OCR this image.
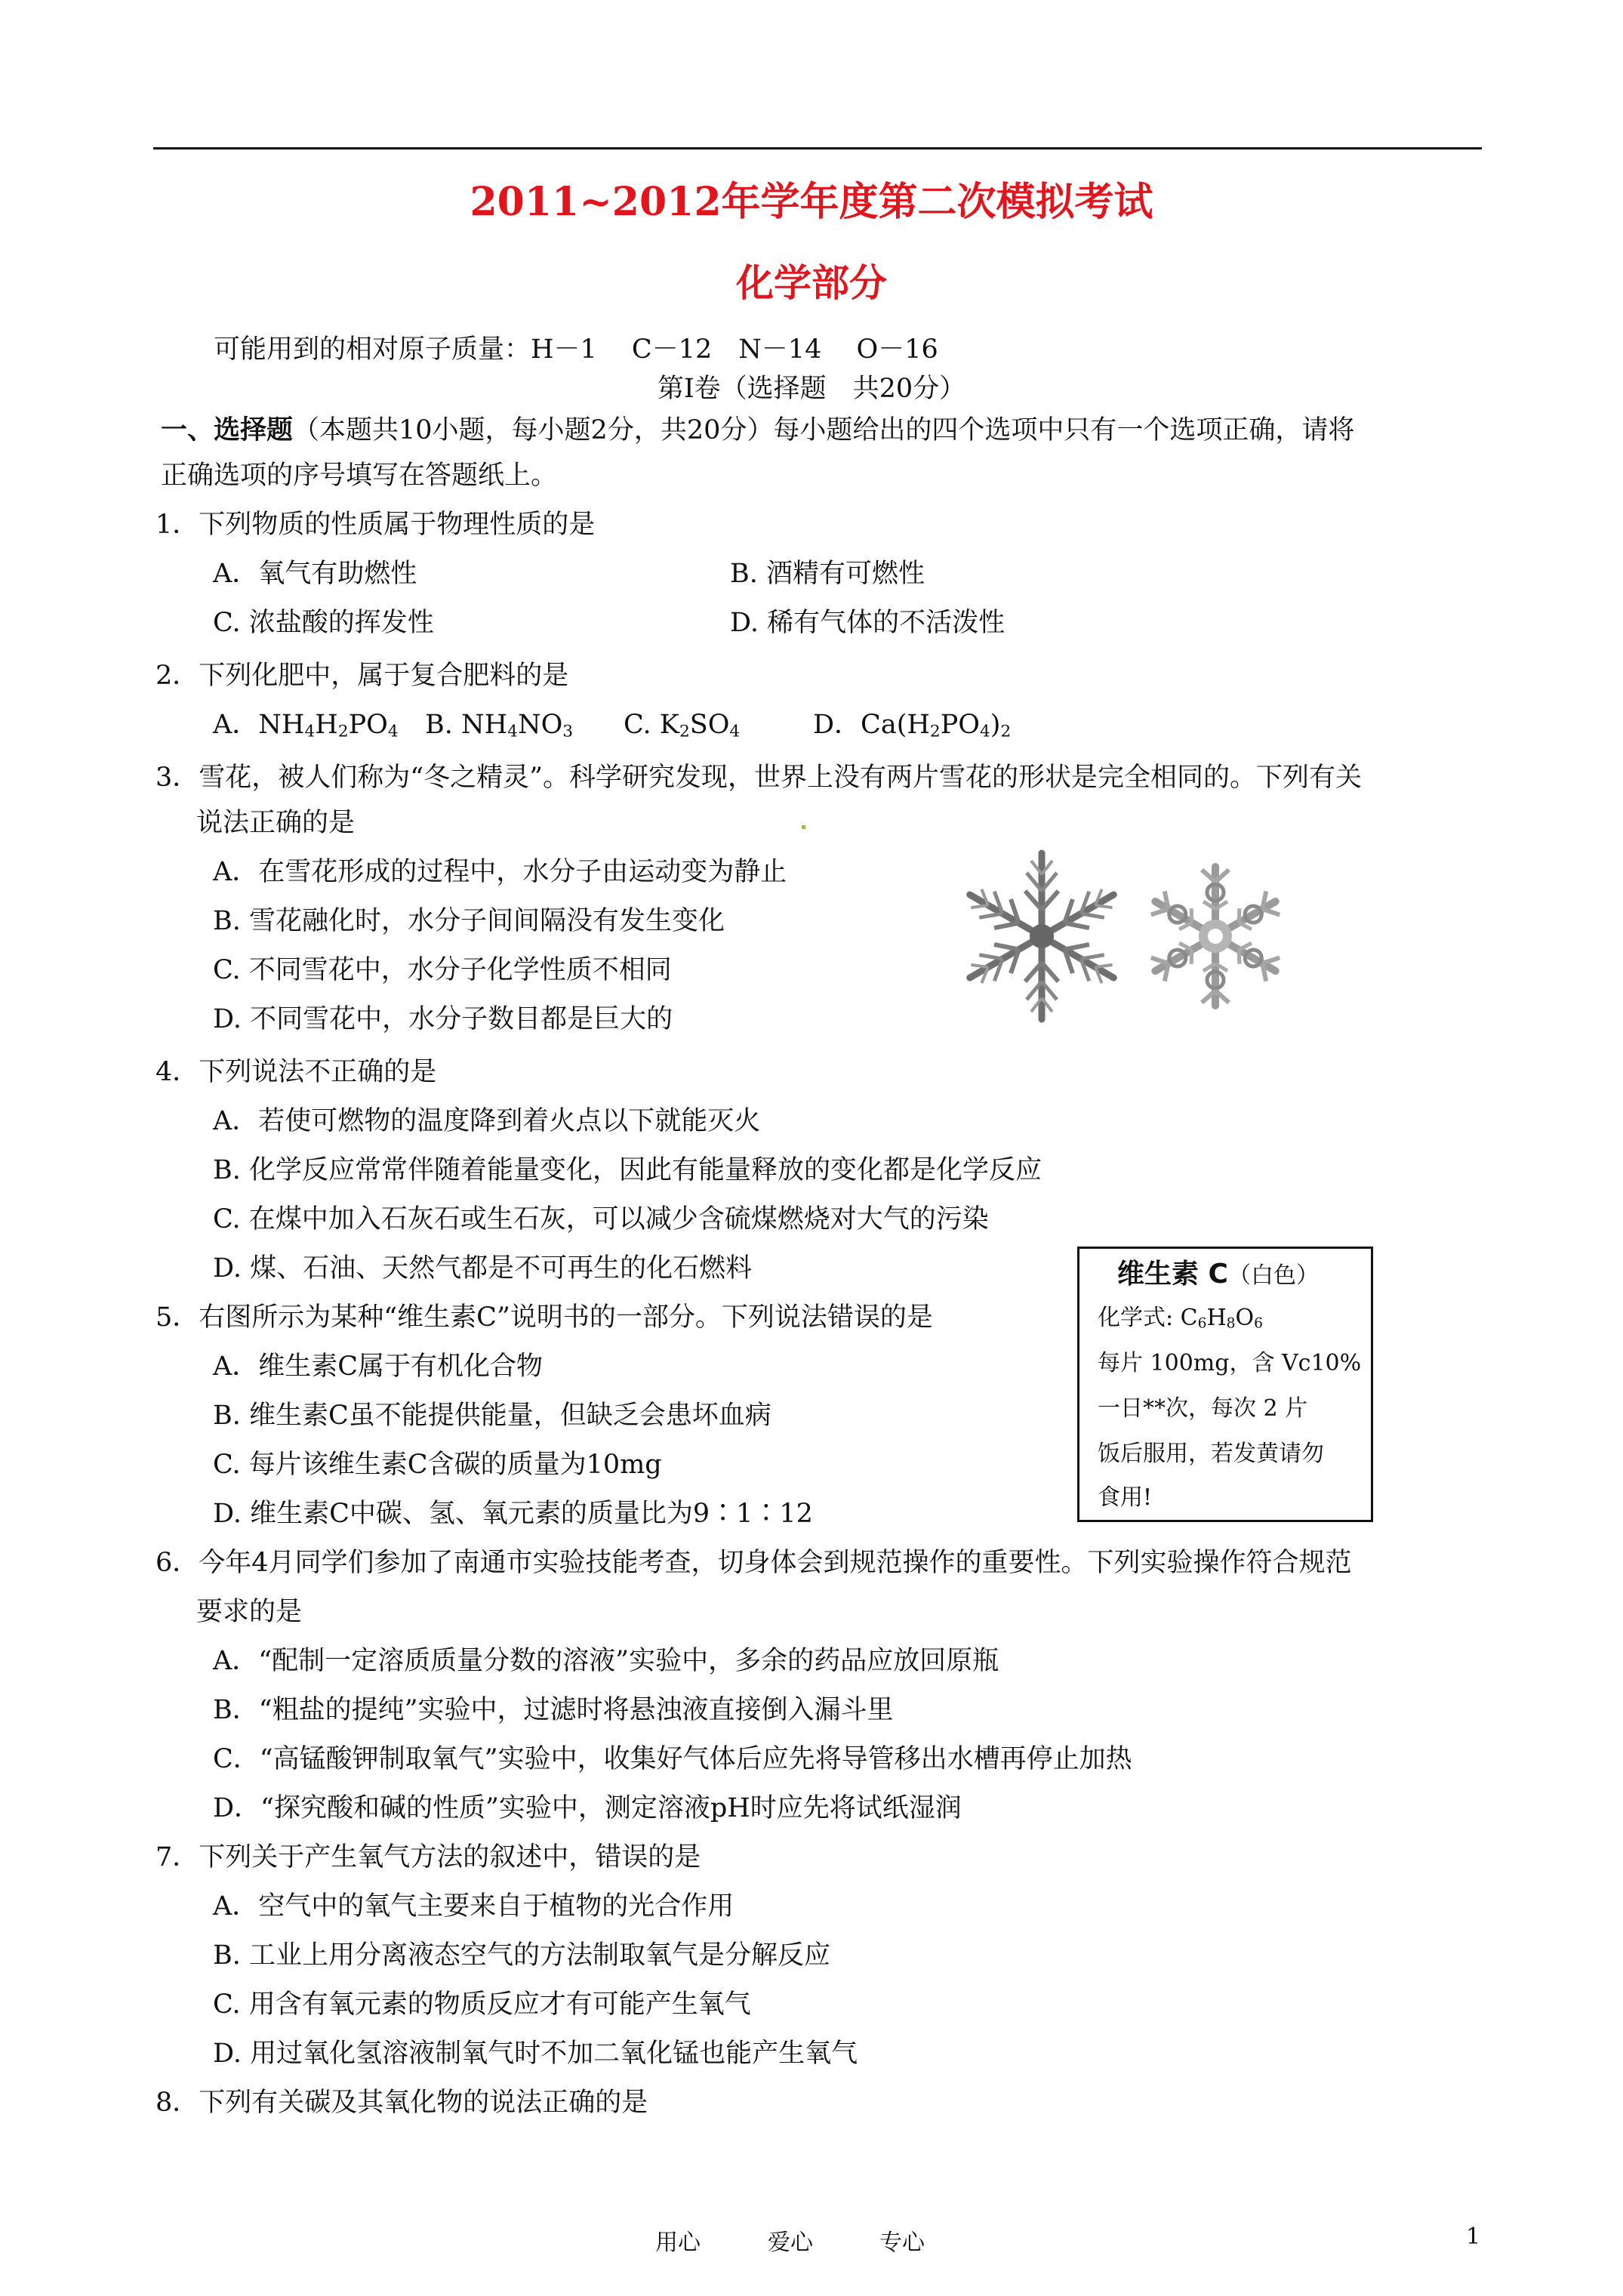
2011~2012年学年度第二次模拟考试
化学部分
可能用到的相对原子质量：H－1　 C－12　N－14　 O－16
第Ⅰ卷（选择题　共20分）
一、选择题（本题共10小题，每小题2分，共20分）每小题给出的四个选项中只有一个选项正确，请将
正确选项的序号填写在答题纸上。
1．下列物质的性质属于物理性质的是
A．氧气有助燃性	B. 酒精有可燃性
C. 浓盐酸的挥发性	D. 稀有气体的不活泼性
2．下列化肥中，属于复合肥料的是
A．$NH_4H_2PO_4$ B. $NH_4NO_3$ C. $K_2SO_4$	D．$Ca(H_2PO_4)_2$
3．雪花，被人们称为“冬之精灵”。科学研究发现，世界上没有两片雪花的形状是完全相同的。下列有关
说法正确的是
A．在雪花形成的过程中，水分子由运动变为静止
B. 雪花融化时，水分子间间隔没有发生变化
C. 不同雪花中，水分子化学性质不相同
D. 不同雪花中，水分子数目都是巨大的
4．下列说法不正确的是
A．若使可燃物的温度降到着火点以下就能灭火
B. 化学反应常常伴随着能量变化，因此有能量释放的变化都是化学反应
C. 在煤中加入石灰石或生石灰，可以减少含硫煤燃烧对大气的污染
D. 煤、石油、天然气都是不可再生的化石燃料	维生素 C（白色）
化学式: $C_6H_8O_6$
每片 100mg，含 Vc10%
一日**次，每次 2 片
饭后服用，若发黄请勿
食用!
5．右图所示为某种“维生素C”说明书的一部分。下列说法错误的是
A．维生素C属于有机化合物
B. 维生素C虽不能提供能量，但缺乏会患坏血病
C. 每片该维生素C含碳的质量为10mg
D. 维生素C中碳、氢、氧元素的质量比为9∶1∶12
6．今年4月同学们参加了南通市实验技能考查，切身体会到规范操作的重要性。下列实验操作符合规范
要求的是
A．“配制一定溶质质量分数的溶液”实验中，多余的药品应放回原瓶
B．“粗盐的提纯”实验中，过滤时将悬浊液直接倒入漏斗里
C．“高锰酸钾制取氧气”实验中，收集好气体后应先将导管移出水槽再停止加热
D．“探究酸和碱的性质”实验中，测定溶液pH时应先将试纸湿润
7．下列关于产生氧气方法的叙述中，错误的是
A．空气中的氧气主要来自于植物的光合作用
B. 工业上用分离液态空气的方法制取氧气是分解反应
C. 用含有氧元素的物质反应才有可能产生氧气
D. 用过氧化氢溶液制氧气时不加二氧化锰也能产生氧气
8．下列有关碳及其氧化物的说法正确的是
用心	爱心	专心	1
